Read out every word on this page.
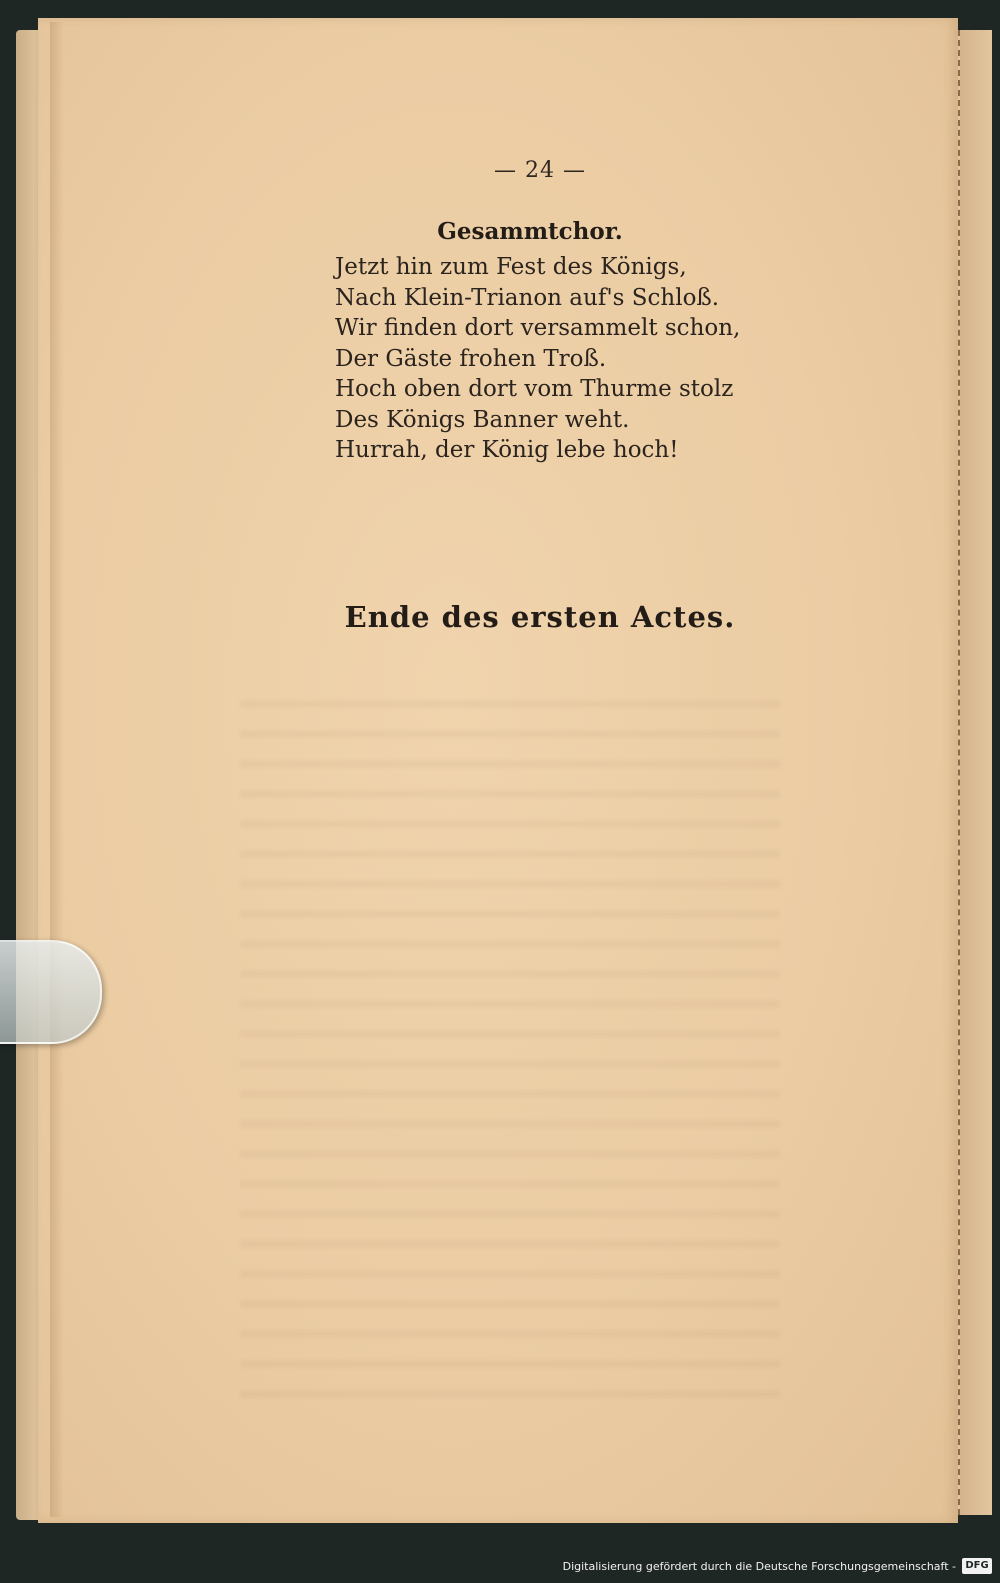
— 24 —
Gesammtchor.
Jetzt hin zum Fest des Königs,
Nach Klein-Trianon auf's Schloß.
Wir finden dort versammelt schon,
Der Gäste frohen Troß.
Hoch oben dort vom Thurme stolz
Des Königs Banner weht.
Hurrah, der König lebe hoch!
Ende des ersten Actes.
Digitalisierung gefördert durch die Deutsche Forschungsgemeinschaft - DFG
